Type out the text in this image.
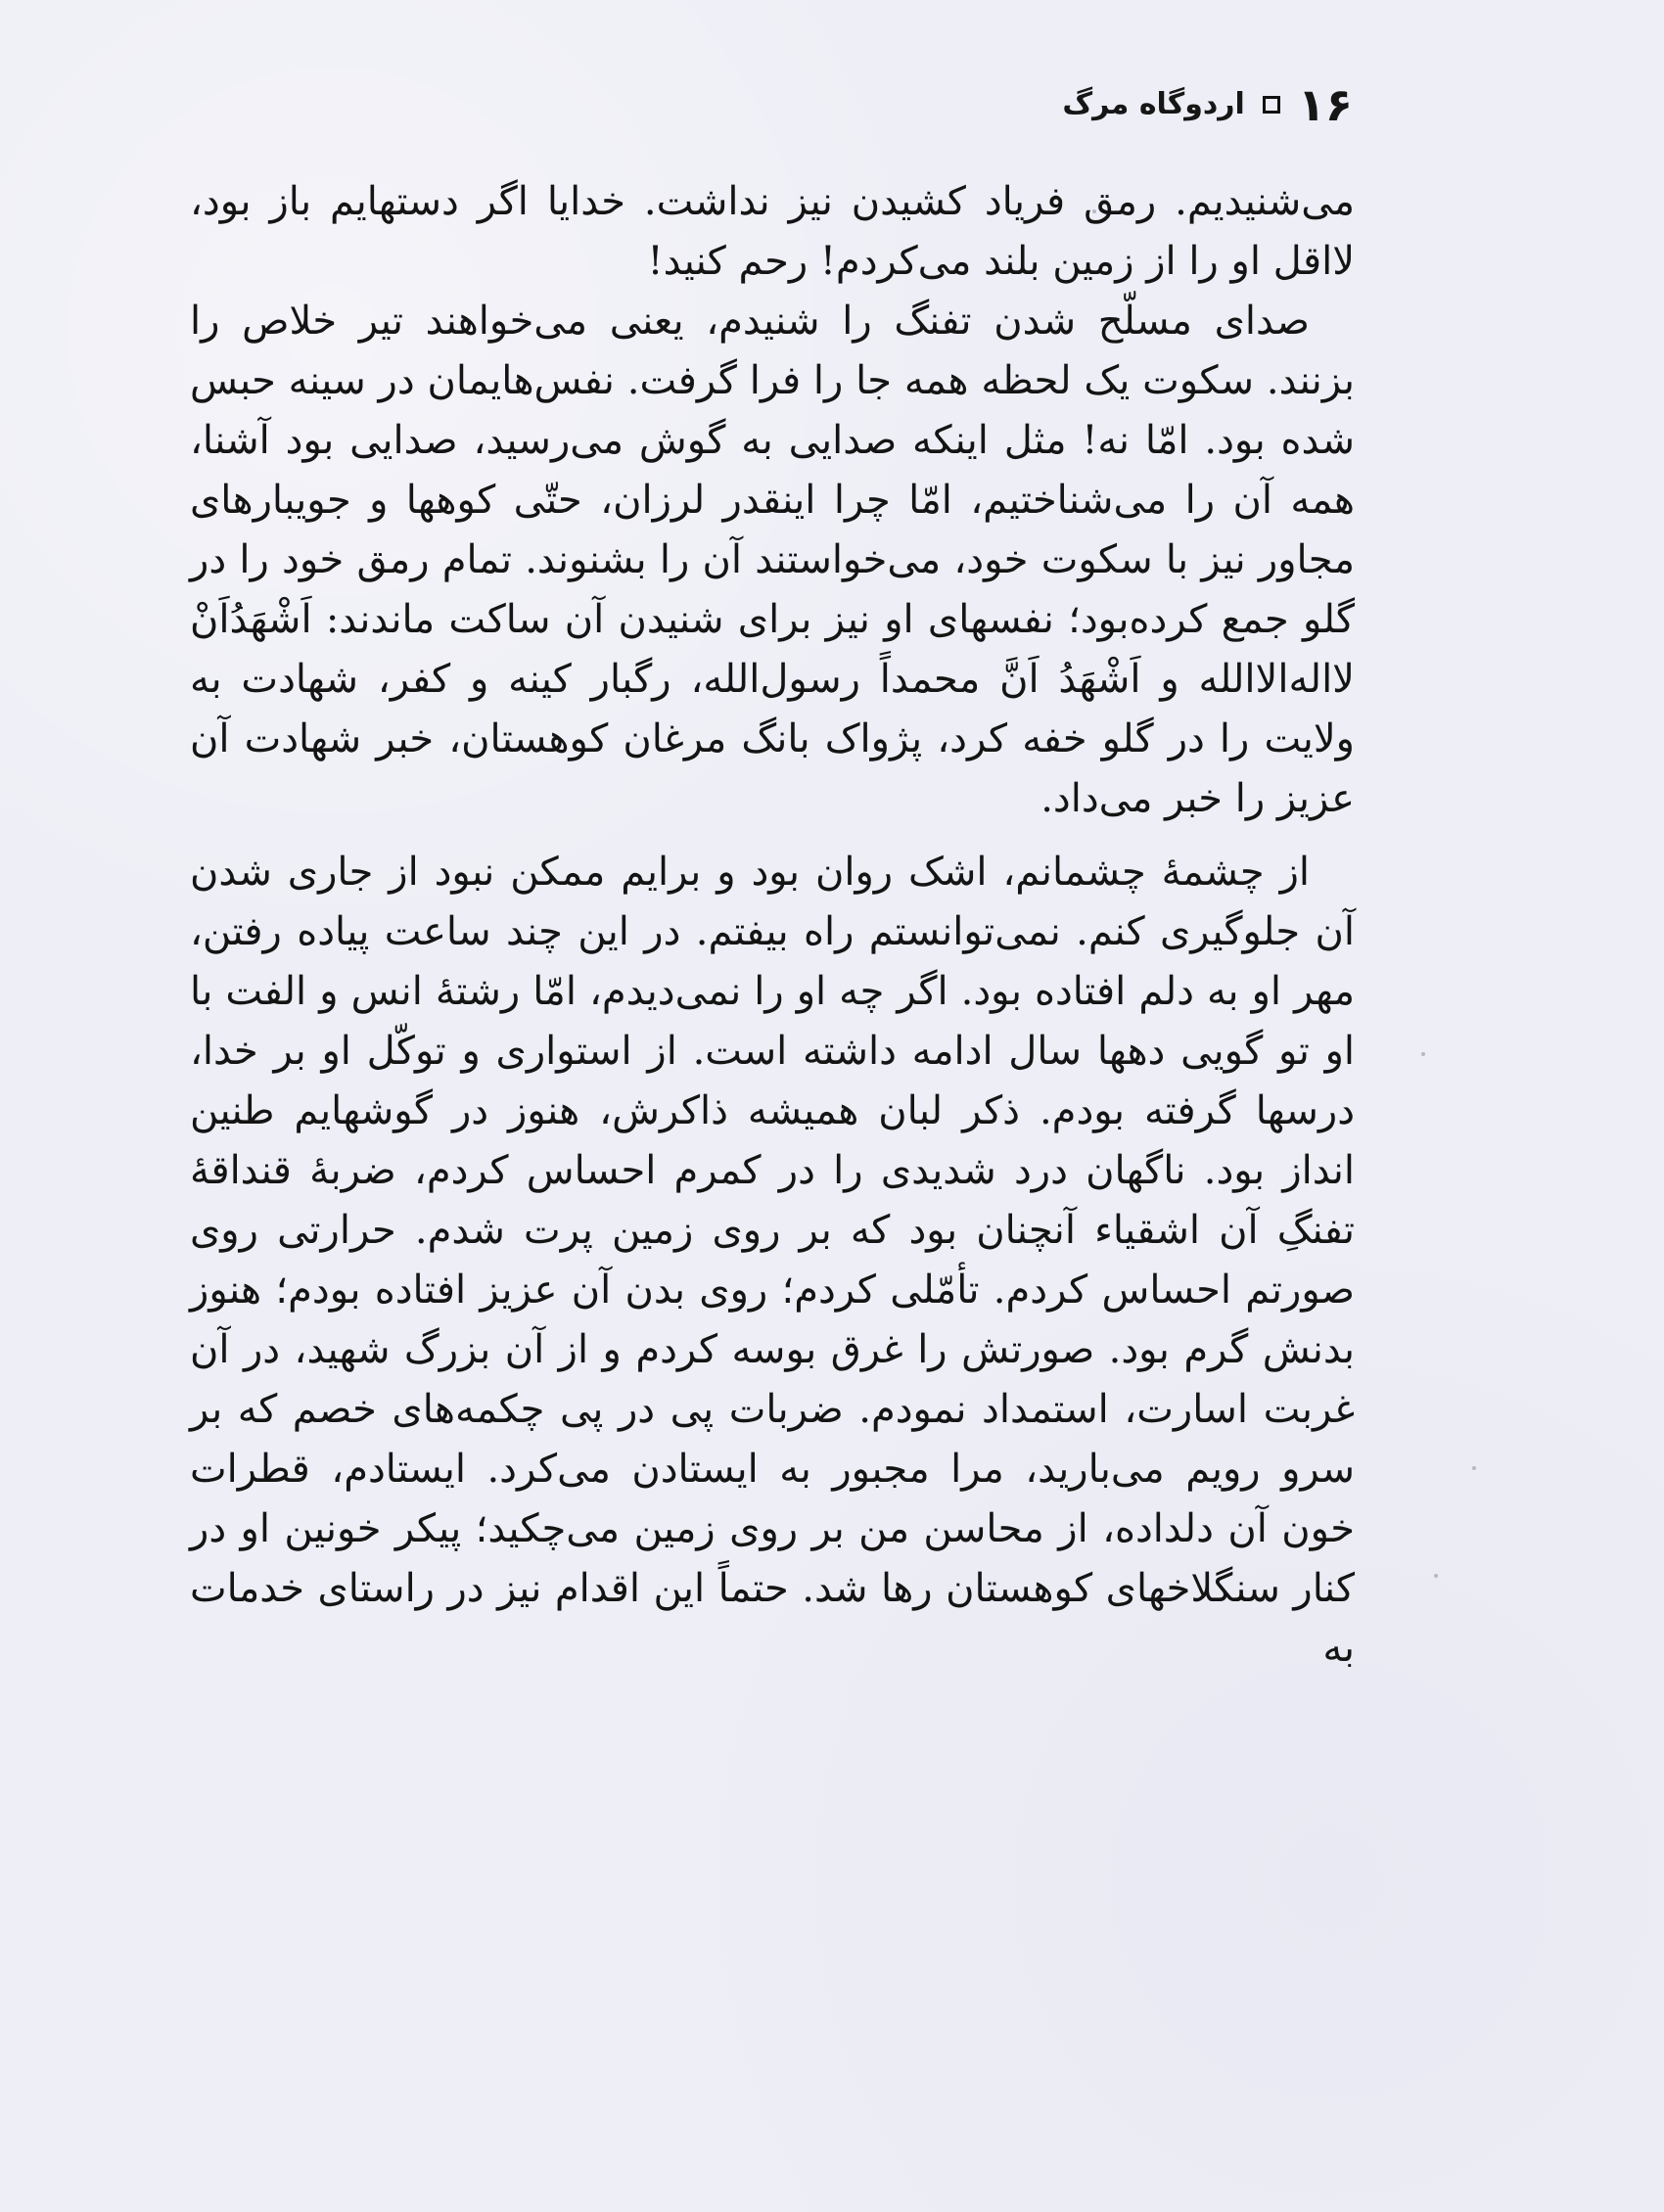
۱۶
اردوگاه مرگ

می‌شنیدیم. رمق فریاد کشیدن نیز نداشت. خدایا اگر دستهایم باز بود، لااقل او را از زمین بلند می‌کردم! رحم کنید!

صدای مسلّح شدن تفنگ را شنیدم، یعنی می‌خواهند تیر خلاص را بزنند. سکوت یک لحظه همه جا را فرا گرفت. نفس‌هایمان در سینه حبس شده بود. امّا نه! مثل اینکه صدایی به گوش می‌رسید، صدایی بود آشنا، همه آن را می‌شناختیم، امّا چرا اینقدر لرزان، حتّی کوهها و جویبارهای مجاور نیز با سکوت خود، می‌خواستند آن را بشنوند. تمام رمق خود را در گلو جمع کرده‌بود؛ نفسهای او نیز برای شنیدن آن ساکت ماندند: اَشْهَدُاَنْ لااله‌الاالله و اَشْهَدُ اَنَّ محمداً رسول‌الله، رگبار کینه و کفر، شهادت به ولایت را در گلو خفه کرد، پژواک بانگ مرغان کوهستان، خبر شهادت آن عزیز را خبر می‌داد.

از چشمهٔ چشمانم، اشک روان بود و برایم ممکن نبود از جاری شدن آن جلوگیری کنم. نمی‌توانستم راه بیفتم. در این چند ساعت پیاده رفتن، مهر او به دلم افتاده بود. اگر چه او را نمی‌دیدم، امّا رشتهٔ انس و الفت با او تو گویی دهها سال ادامه داشته است. از استواری و توکّل او بر خدا، درسها گرفته بودم. ذکر لبان همیشه ذاکرش، هنوز در گوشهایم طنین انداز بود. ناگهان درد شدیدی را در کمرم احساس کردم، ضربهٔ قنداقهٔ تفنگِ آن اشقیاء آنچنان بود که بر روی زمین پرت شدم. حرارتی روی صورتم احساس کردم. تأمّلی کردم؛ روی بدن آن عزیز افتاده بودم؛ هنوز بدنش گرم بود. صورتش را غرق بوسه کردم و از آن بزرگ شهید، در آن غربت اسارت، استمداد نمودم. ضربات پی در پی چکمه‌های خصم که بر سرو رویم می‌بارید، مرا مجبور به ایستادن می‌کرد. ایستادم، قطرات خون آن دلداده، از محاسن من بر روی زمین می‌چکید؛ پیکر خونین او در کنار سنگلاخهای کوهستان رها شد. حتماً این اقدام نیز در راستای خدمات به
